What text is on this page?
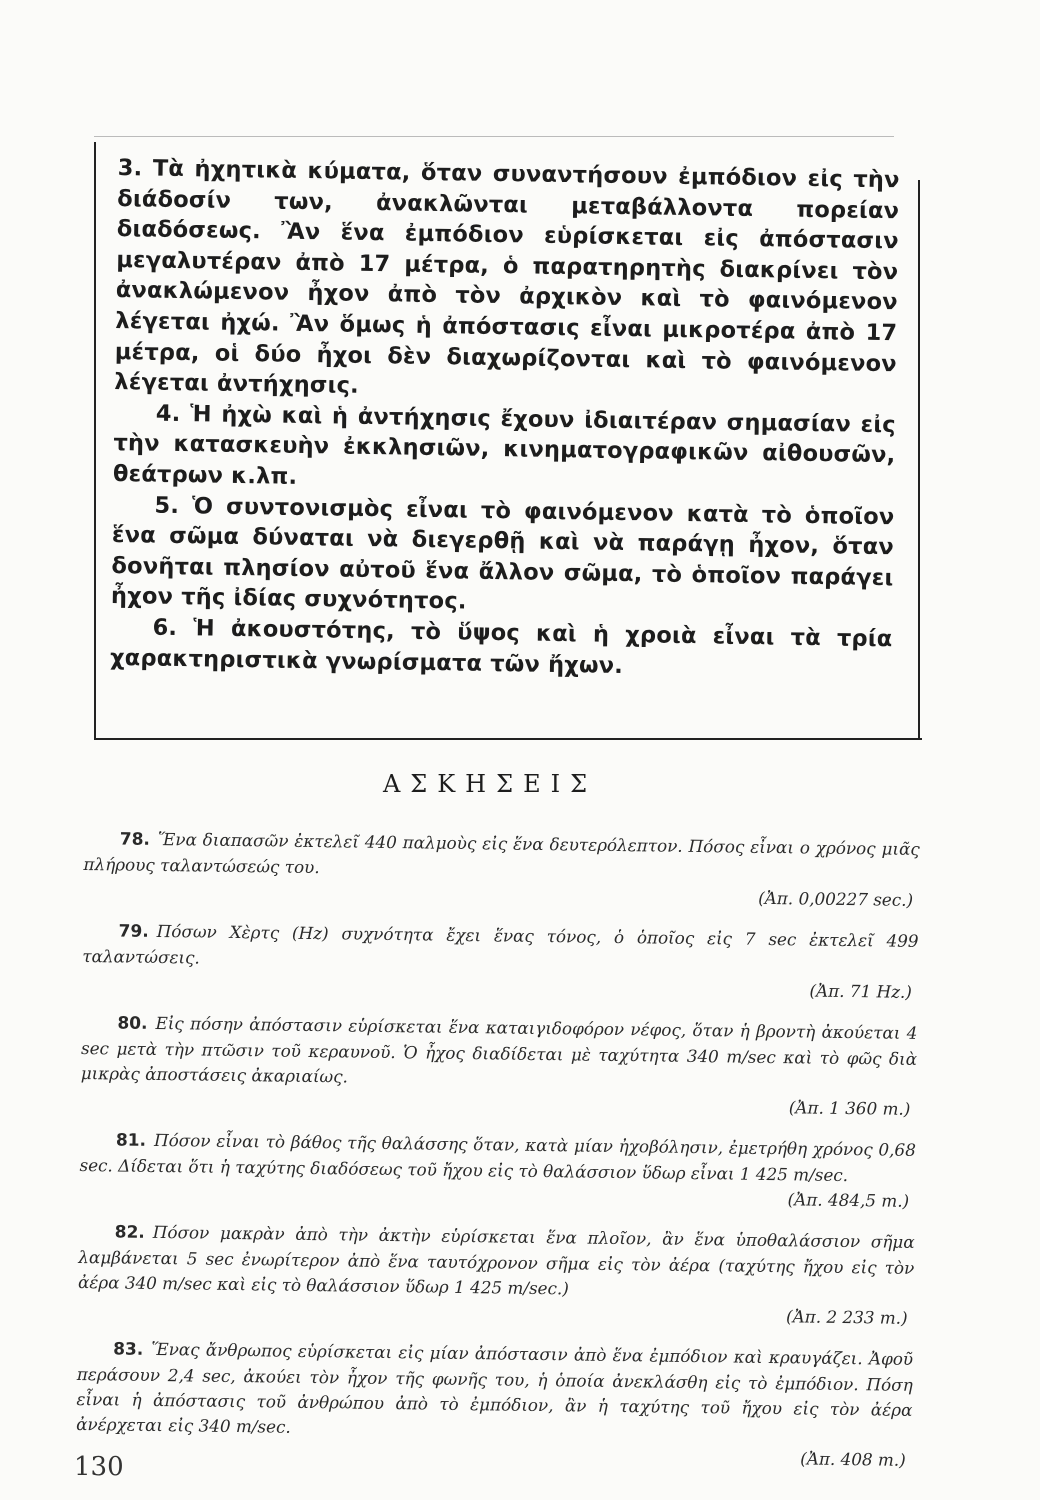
3. Τὰ ἠχητικὰ κύματα, ὅταν συναντήσουν ἐμπόδιον εἰς τὴν διάδοσίν των, ἀνακλῶνται μεταβάλλοντα πορείαν διαδόσεως. Ἂν ἕνα ἐμπόδιον εὑρίσκεται εἰς ἀπόστασιν μεγαλυτέραν ἀπὸ 17 μέτρα, ὁ παρατηρητὴς διακρίνει τὸν ἀνακλώμενον ἦχον ἀπὸ τὸν ἀρχικὸν καὶ τὸ φαινόμενον λέγεται ἠχώ. Ἂν ὅμως ἡ ἀπόστασις εἶναι μικροτέρα ἀπὸ 17 μέτρα, οἱ δύο ἦχοι δὲν διαχωρίζονται καὶ τὸ φαινόμενον λέγεται ἀντήχησις.

4. Ἡ ἠχὼ καὶ ἡ ἀντήχησις ἔχουν ἰδιαιτέραν σημασίαν εἰς τὴν κατασκευὴν ἐκκλησιῶν, κινηματογραφικῶν αἰθουσῶν, θεάτρων κ.λπ.

5. Ὁ συντονισμὸς εἶναι τὸ φαινόμενον κατὰ τὸ ὁποῖον ἕνα σῶμα δύναται νὰ διεγερθῇ καὶ νὰ παράγῃ ἦχον, ὅταν δονῆται πλησίον αὐτοῦ ἕνα ἄλλον σῶμα, τὸ ὁποῖον παράγει ἦχον τῆς ἰδίας συχνότητος.

6. Ἡ ἀκουστότης, τὸ ὕψος καὶ ἡ χροιὰ εἶναι τὰ τρία χαρακτηριστικὰ γνωρίσματα τῶν ἤχων.

ΑΣΚΗΣΕΙΣ
78. Ἕνα διαπασῶν ἐκτελεῖ 440 παλμοὺς εἰς ἕνα δευτερόλεπτον. Πόσος εἶναι ο χρόνος μιᾶς πλήρους ταλαντώσεώς του.
(Ἀπ. 0,00227 sec.)
79. Πόσων Χὲρτς (Hz) συχνότητα ἔχει ἕνας τόνος, ὁ ὁποῖος εἰς 7 sec ἐκτελεῖ 499 ταλαντώσεις.
(Ἀπ. 71 Hz.)
80. Εἰς πόσην ἀπόστασιν εὑρίσκεται ἕνα καταιγιδοφόρον νέφος, ὅταν ἡ βροντὴ ἀκούεται 4 sec μετὰ τὴν πτῶσιν τοῦ κεραυνοῦ. Ὁ ἦχος διαδίδεται μὲ ταχύτητα 340 m/sec καὶ τὸ φῶς διὰ μικρὰς ἀποστάσεις ἀκαριαίως.
(Ἀπ. 1 360 m.)
81. Πόσον εἶναι τὸ βάθος τῆς θαλάσσης ὅταν, κατὰ μίαν ἠχοβόλησιν, ἐμετρήθη χρόνος 0,68 sec. Δίδεται ὅτι ἡ ταχύτης διαδόσεως τοῦ ἤχου εἰς τὸ θαλάσσιον ὕδωρ εἶναι 1 425 m/sec.
(Ἀπ. 484,5 m.)
82. Πόσον μακρὰν ἀπὸ τὴν ἀκτὴν εὑρίσκεται ἕνα πλοῖον, ἂν ἕνα ὑποθαλάσσιον σῆμα λαμβάνεται 5 sec ἐνωρίτερον ἀπὸ ἕνα ταυτόχρονον σῆμα εἰς τὸν ἀέρα (ταχύτης ἤχου εἰς τὸν ἀέρα 340 m/sec καὶ εἰς τὸ θαλάσσιον ὕδωρ 1 425 m/sec.)
(Ἀπ. 2 233 m.)
83. Ἕνας ἄνθρωπος εὑρίσκεται εἰς μίαν ἀπόστασιν ἀπὸ ἕνα ἐμπόδιον καὶ κραυγάζει. Ἀφοῦ περάσουν 2,4 sec, ἀκούει τὸν ἦχον τῆς φωνῆς του, ἡ ὁποία ἀνεκλάσθη εἰς τὸ ἐμπόδιον. Πόση εἶναι ἡ ἀπόστασις τοῦ ἀνθρώπου ἀπὸ τὸ ἐμπόδιον, ἂν ἡ ταχύτης τοῦ ἤχου εἰς τὸν ἀέρα ἀνέρχεται εἰς 340 m/sec.
(Ἀπ. 408 m.)
130
